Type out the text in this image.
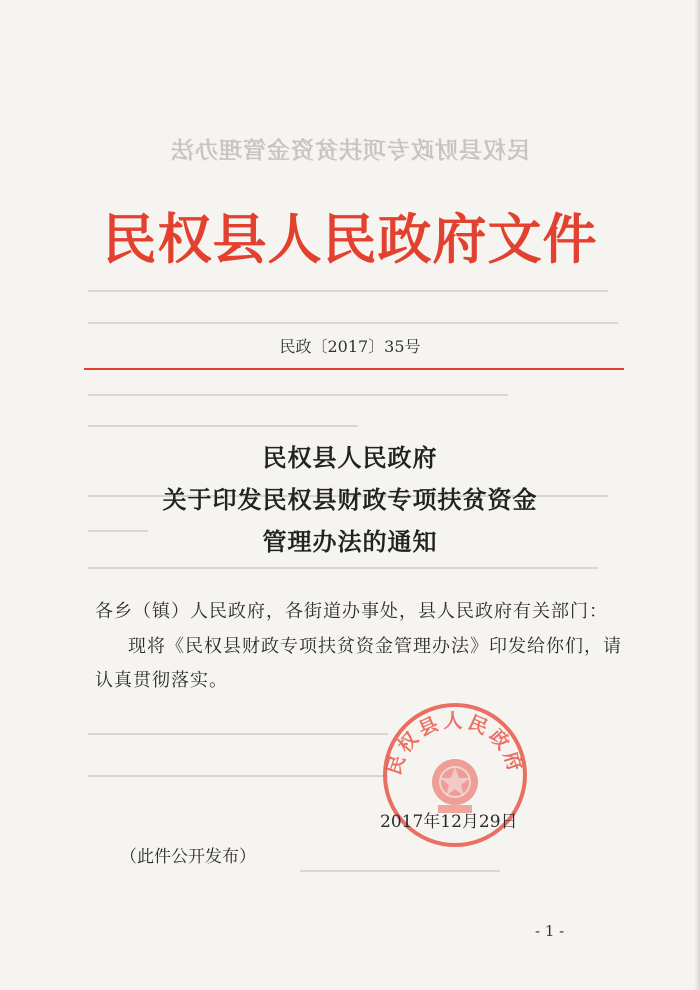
民权县财政专项扶贫资金管理办法
民权县人民政府文件
民政〔2017〕35号
民权县人民政府
关于印发民权县财政专项扶贫资金
管理办法的通知
各乡（镇）人民政府，各街道办事处，县人民政府有关部门：
现将《民权县财政专项扶贫资金管理办法》印发给你们，请
认真贯彻落实。
民权县人民政府
2017年12月29日
（此件公开发布）
- 1 -
